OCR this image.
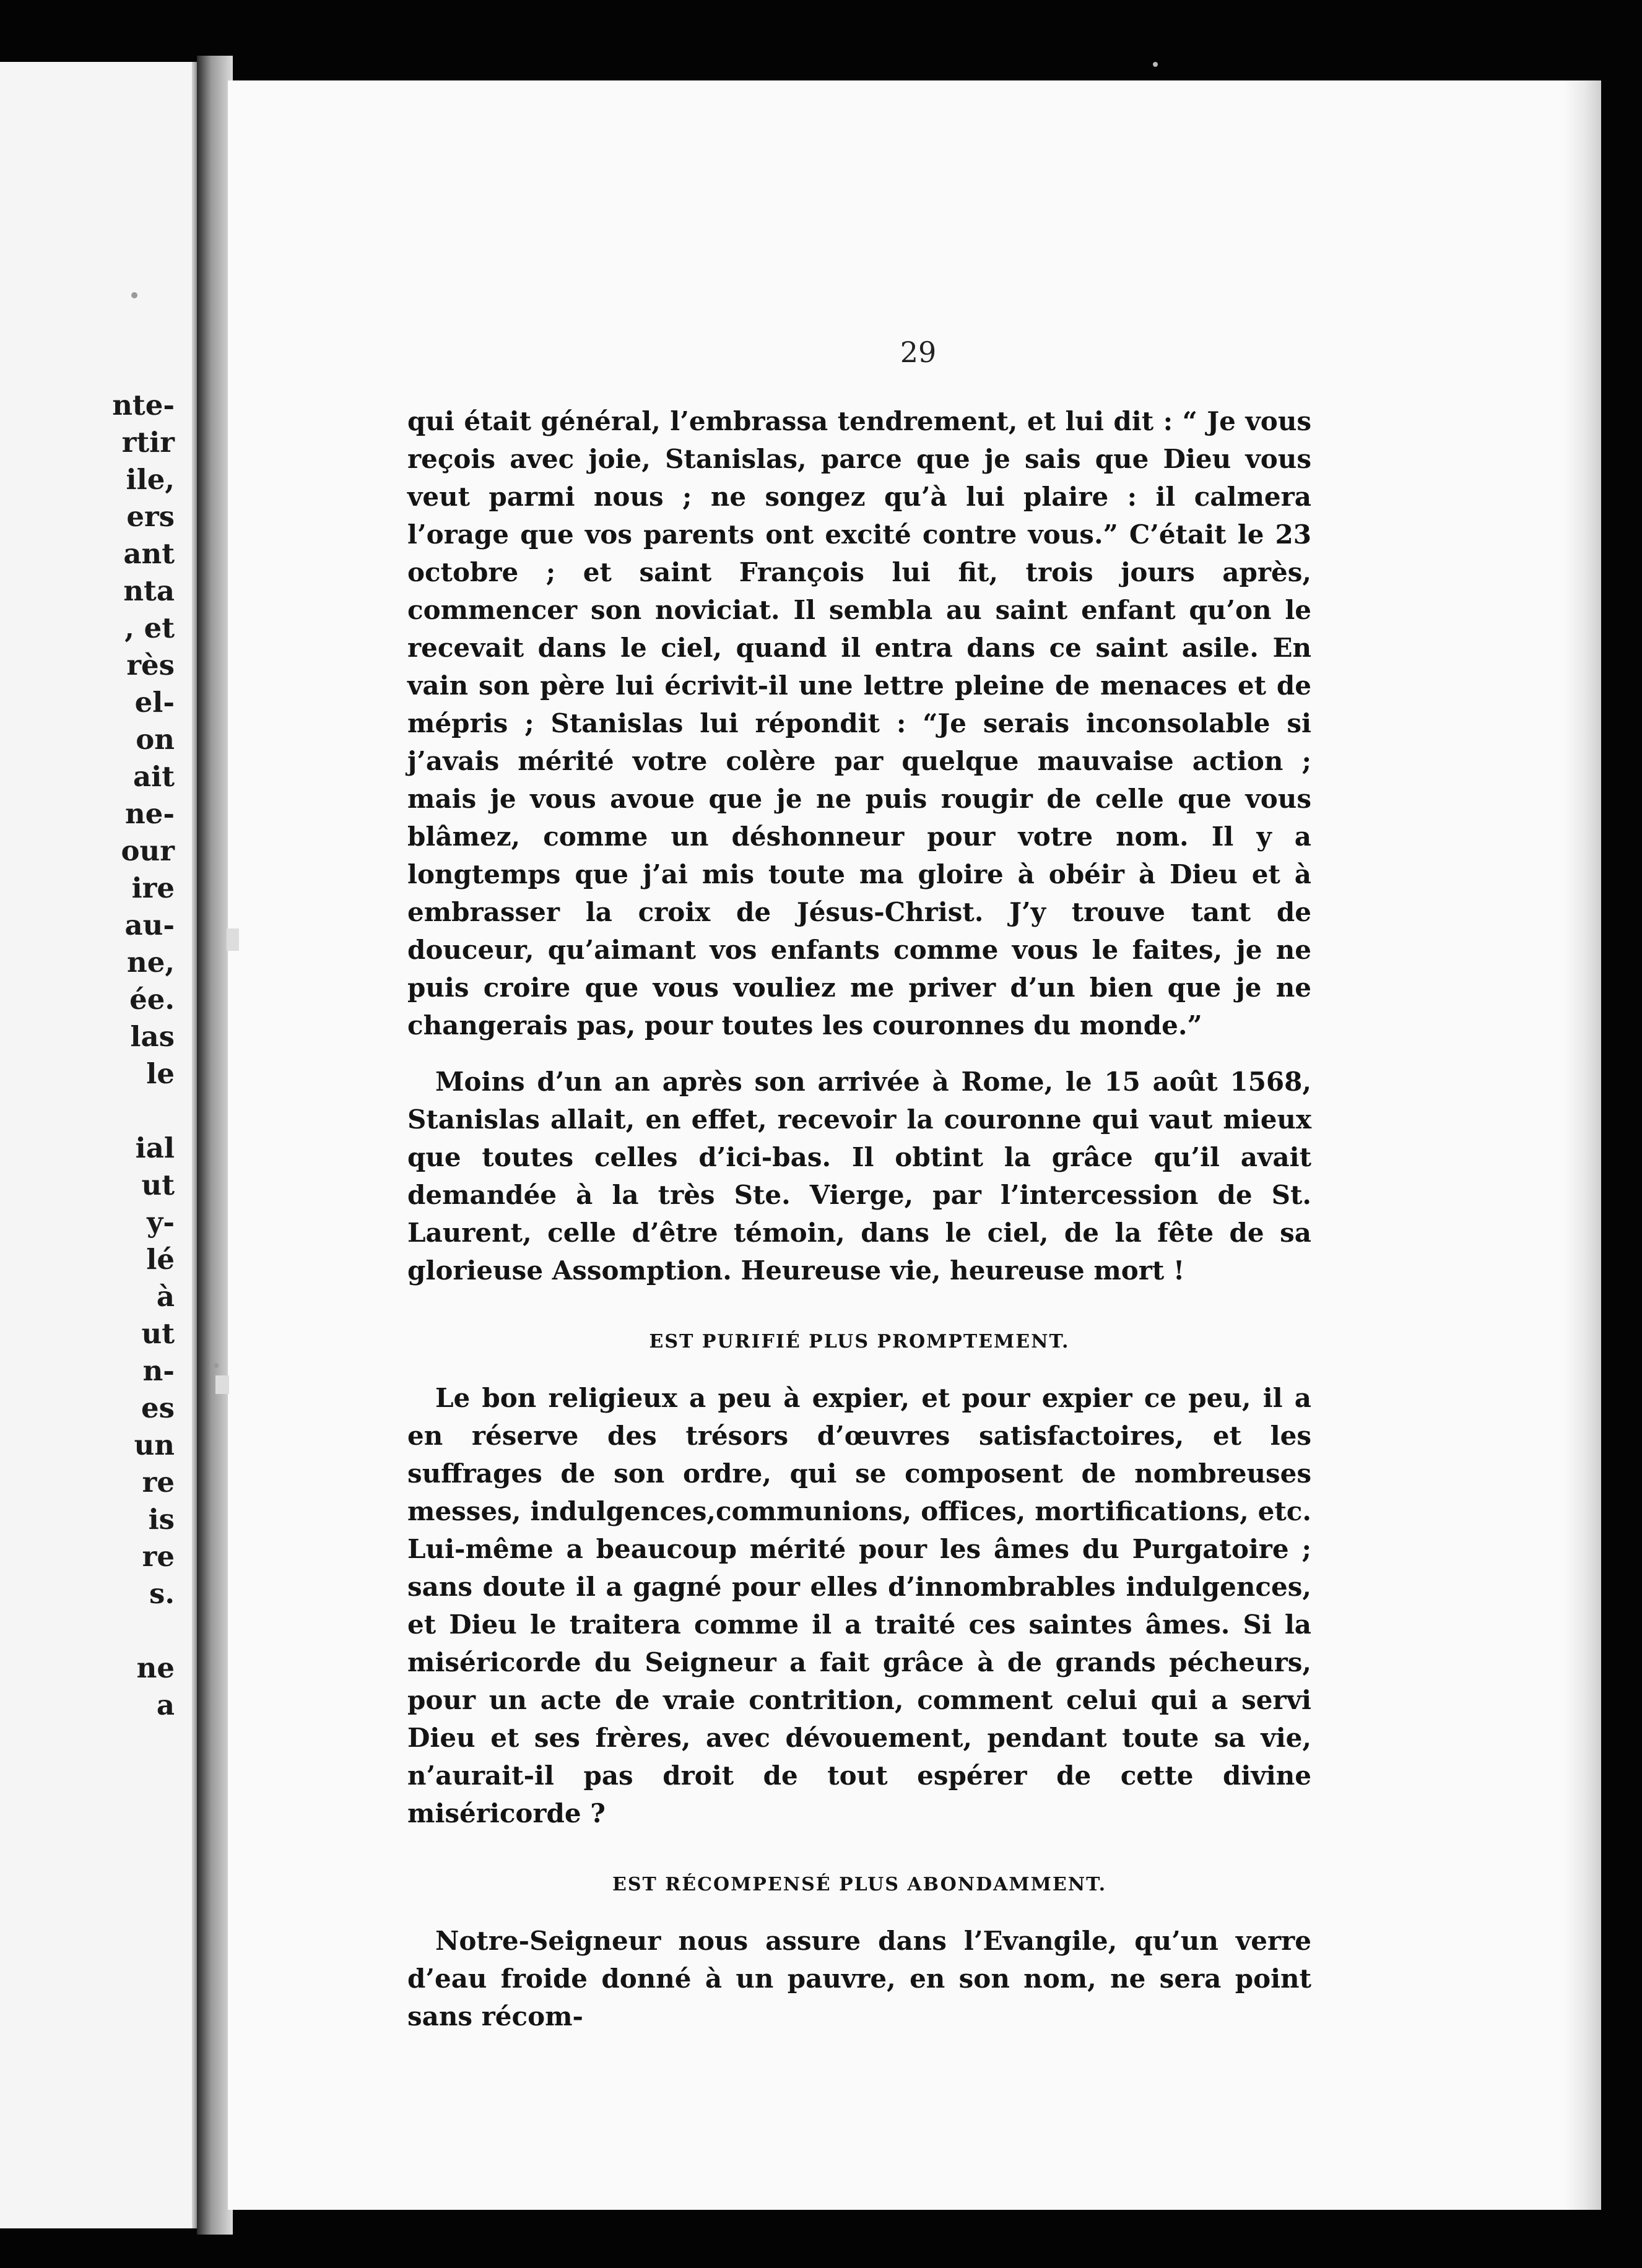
nte-
rtir
ile,
ers
ant
nta
, et
rès
el-
on
ait
ne-
our
ire
au-
ne,
ée.
las
le

ial
ut
y-
lé
à
ut
n-
es
un
re
is
re
s.

ne
a
29

qui était général, l’embrassa tendrement, et lui dit : “ Je vous reçois avec joie, Stanislas, parce que je sais que Dieu vous veut parmi nous ; ne songez qu’à lui plaire : il calmera l’orage que vos parents ont excité contre vous.” C’était le 23 octobre ; et saint François lui fit, trois jours après, commencer son noviciat. Il sembla au saint enfant qu’on le recevait dans le ciel, quand il entra dans ce saint asile. En vain son père lui écrivit-il une lettre pleine de menaces et de mépris ; Stanislas lui répondit : “Je serais inconsolable si j’avais mérité votre colère par quelque mauvaise action ; mais je vous avoue que je ne puis rougir de celle que vous blâmez, comme un déshonneur pour votre nom. Il y a longtemps que j’ai mis toute ma gloire à obéir à Dieu et à embrasser la croix de Jésus-Christ. J’y trouve tant de douceur, qu’aimant vos enfants comme vous le faites, je ne puis croire que vous vouliez me priver d’un bien que je ne changerais pas, pour toutes les couronnes du monde.”

Moins d’un an après son arrivée à Rome, le 15 août 1568, Stanislas allait, en effet, recevoir la couronne qui vaut mieux que toutes celles d’ici-bas. Il obtint la grâce qu’il avait demandée à la très Ste. Vierge, par l’intercession de St. Laurent, celle d’être témoin, dans le ciel, de la fête de sa glorieuse Assomption. Heureuse vie, heureuse mort !

EST PURIFIÉ PLUS PROMPTEMENT.

Le bon religieux a peu à expier, et pour expier ce peu, il a en réserve des trésors d’œuvres satisfactoires, et les suffrages de son ordre, qui se composent de nombreuses messes, indulgences,communions, offices, mortifications, etc. Lui-même a beaucoup mérité pour les âmes du Purgatoire ; sans doute il a gagné pour elles d’innombrables indulgences, et Dieu le traitera comme il a traité ces saintes âmes. Si la miséricorde du Seigneur a fait grâce à de grands pécheurs, pour un acte de vraie contrition, comment celui qui a servi Dieu et ses frères, avec dévouement, pendant toute sa vie, n’aurait-il pas droit de tout espérer de cette divine miséricorde ?

EST RÉCOMPENSÉ PLUS ABONDAMMENT.

Notre-Seigneur nous assure dans l’Evangile, qu’un verre d’eau froide donné à un pauvre, en son nom, ne sera point sans récom-
